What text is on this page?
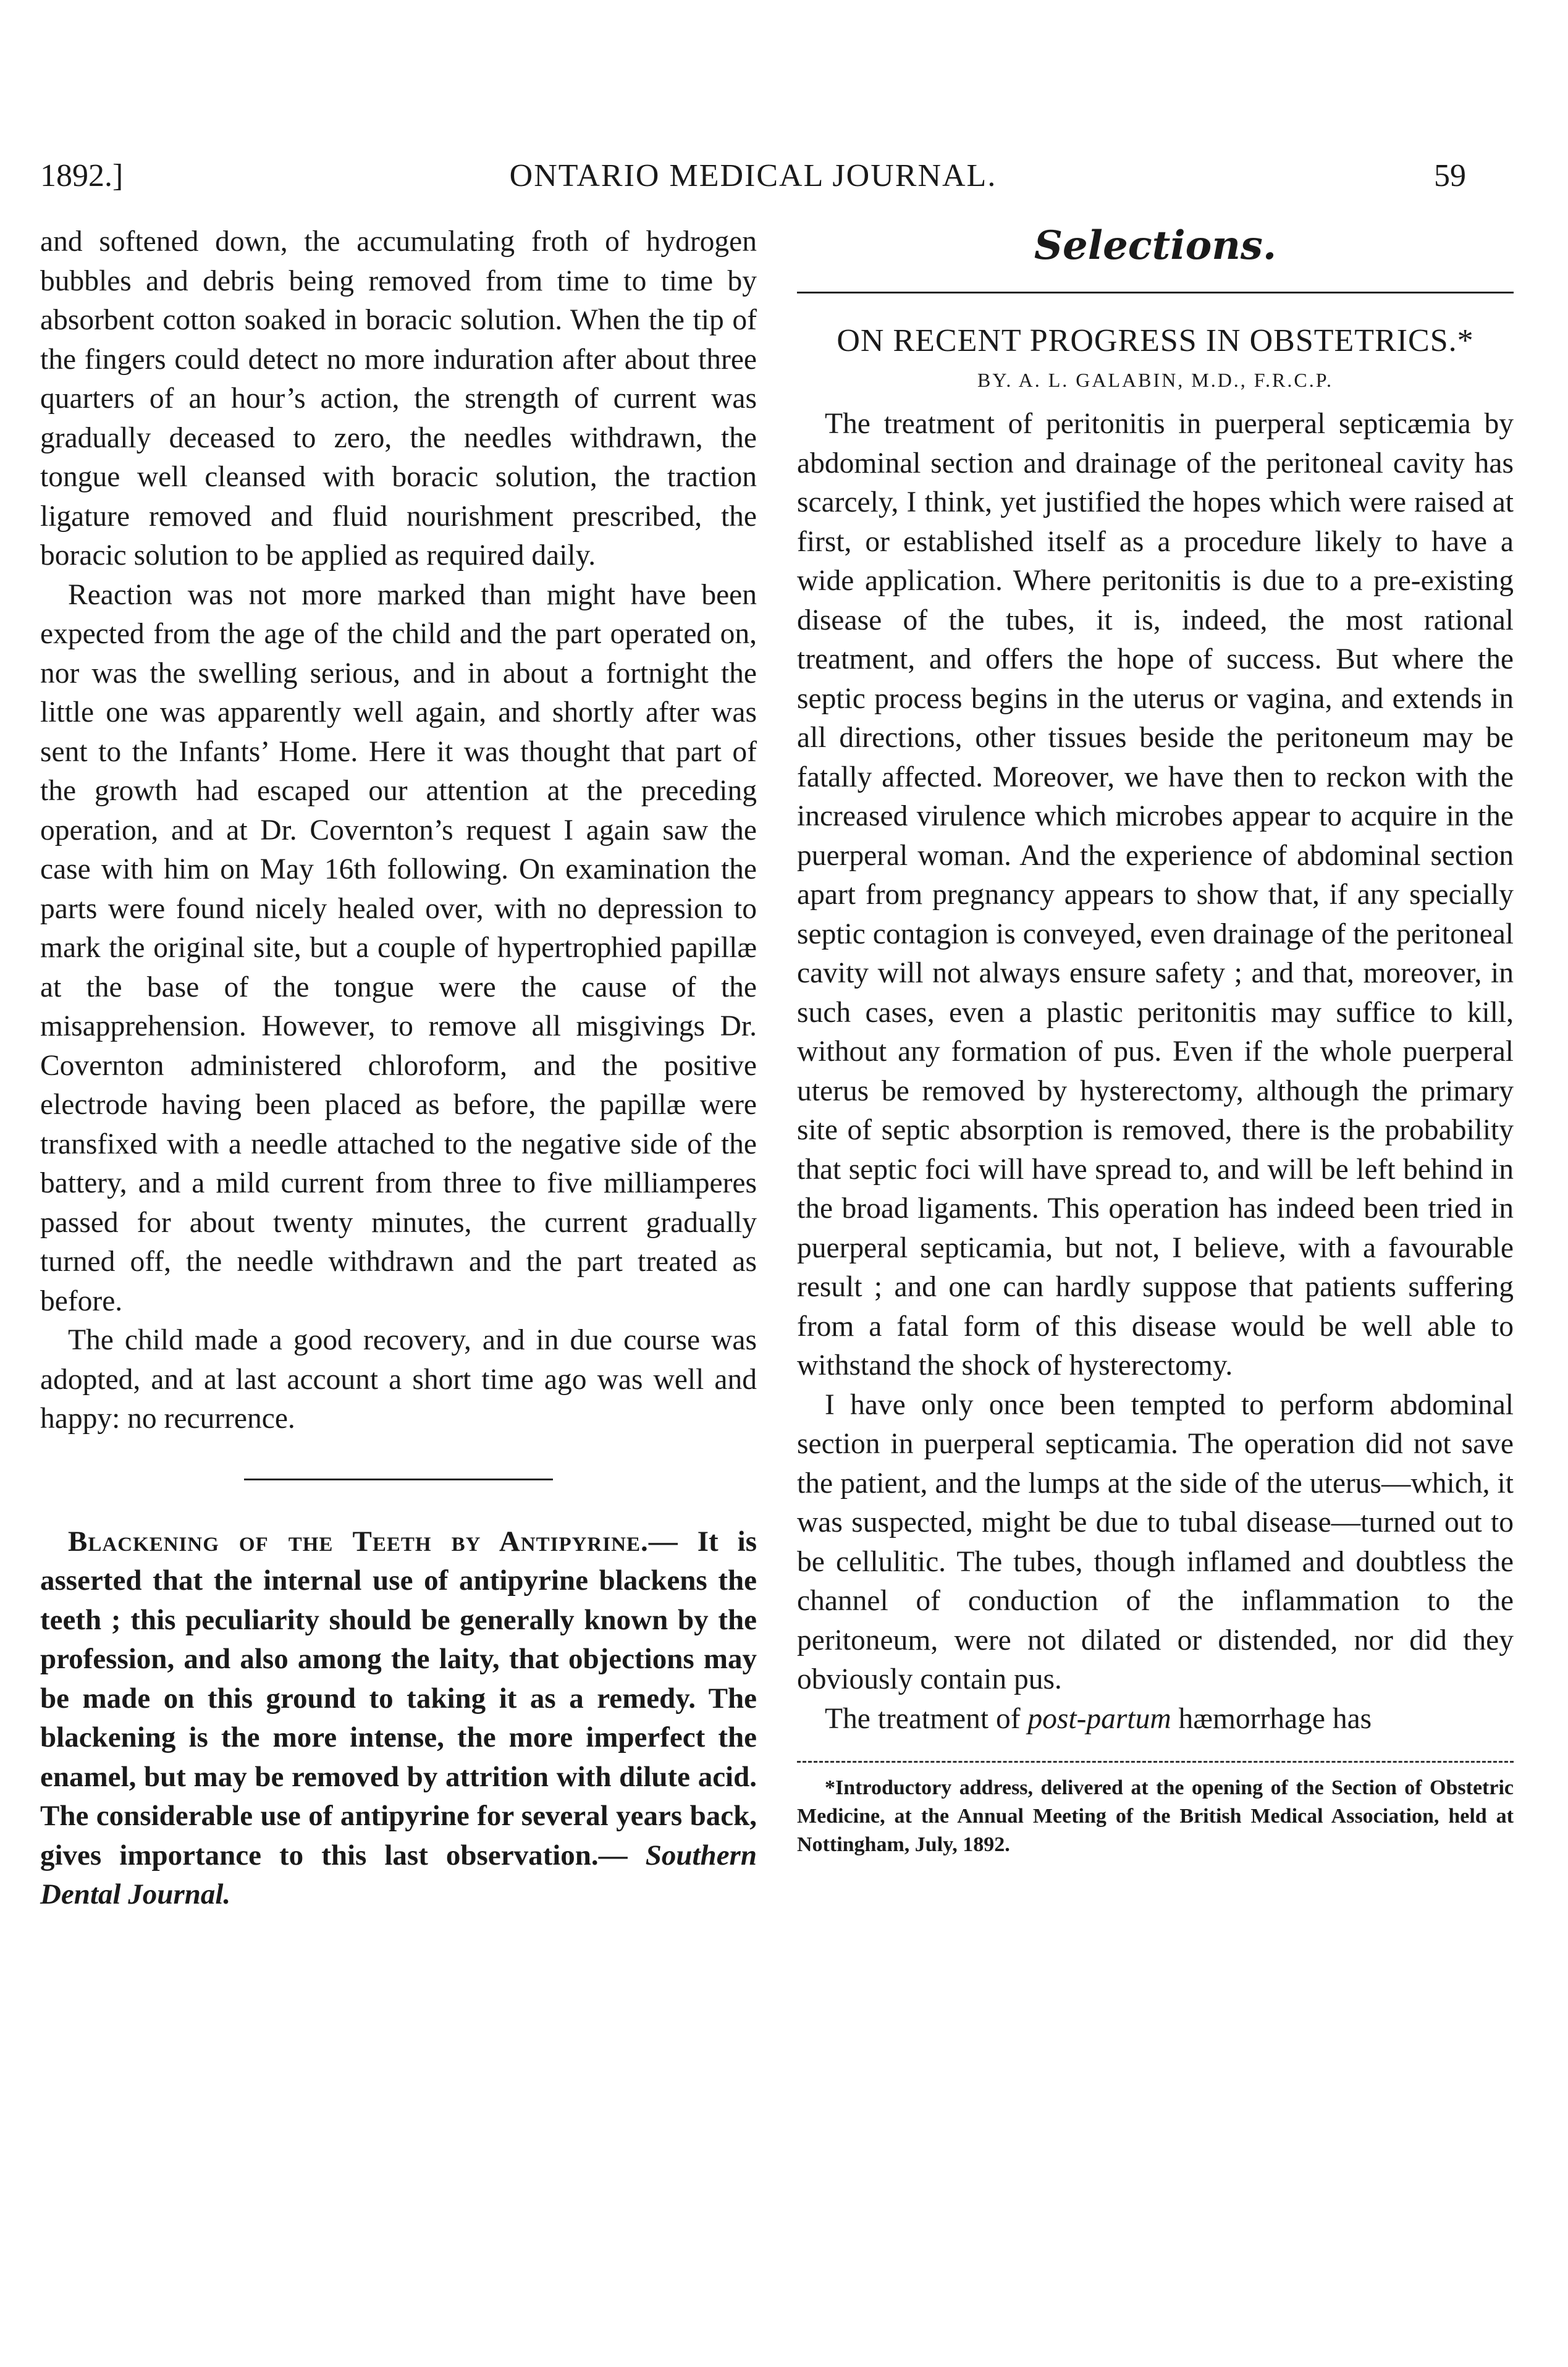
1892.]	ONTARIO MEDICAL JOURNAL.	59

and softened down, the accumulating froth of hydrogen bubbles and debris being removed from time to time by absorbent cotton soaked in boracic solution. When the tip of the fingers could detect no more induration after about three quarters of an hour’s action, the strength of current was gradually deceased to zero, the needles withdrawn, the tongue well cleansed with boracic solution, the traction ligature removed and fluid nourishment prescribed, the boracic solution to be applied as required daily.

Reaction was not more marked than might have been expected from the age of the child and the part operated on, nor was the swelling serious, and in about a fortnight the little one was apparently well again, and shortly after was sent to the Infants’ Home. Here it was thought that part of the growth had escaped our attention at the preceding operation, and at Dr. Covernton’s request I again saw the case with him on May 16th following. On examination the parts were found nicely healed over, with no depression to mark the original site, but a couple of hypertrophied papillæ at the base of the tongue were the cause of the misapprehension. However, to remove all misgivings Dr. Covernton administered chloroform, and the positive electrode having been placed as before, the papillæ were transfixed with a needle attached to the negative side of the battery, and a mild current from three to five milliamperes passed for about twenty minutes, the current gradually turned off, the needle withdrawn and the part treated as before.

The child made a good recovery, and in due course was adopted, and at last account a short time ago was well and happy: no recurrence.

Blackening of the Teeth by Antipyrine.— It is asserted that the internal use of antipyrine blackens the teeth ; this peculiarity should be generally known by the profession, and also among the laity, that objections may be made on this ground to taking it as a remedy. The blackening is the more intense, the more imperfect the enamel, but may be removed by attrition with dilute acid. The considerable use of antipyrine for several years back, gives importance to this last observation.— Southern Dental Journal.

Selections.
ON RECENT PROGRESS IN OBSTETRICS.*
BY. A. L. GALABIN, M.D., F.R.C.P.

The treatment of peritonitis in puerperal septicæmia by abdominal section and drainage of the peritoneal cavity has scarcely, I think, yet justified the hopes which were raised at first, or established itself as a procedure likely to have a wide application. Where peritonitis is due to a pre-existing disease of the tubes, it is, indeed, the most rational treatment, and offers the hope of success. But where the septic process begins in the uterus or vagina, and extends in all directions, other tissues beside the peritoneum may be fatally affected. Moreover, we have then to reckon with the increased virulence which microbes appear to acquire in the puerperal woman. And the experience of abdominal section apart from pregnancy appears to show that, if any specially septic contagion is conveyed, even drainage of the peritoneal cavity will not always ensure safety ; and that, moreover, in such cases, even a plastic peritonitis may suffice to kill, without any formation of pus. Even if the whole puerperal uterus be removed by hysterectomy, although the primary site of septic absorption is removed, there is the probability that septic foci will have spread to, and will be left behind in the broad ligaments. This operation has indeed been tried in puerperal septicamia, but not, I believe, with a favourable result ; and one can hardly suppose that patients suffering from a fatal form of this disease would be well able to withstand the shock of hysterectomy.

I have only once been tempted to perform abdominal section in puerperal septicamia. The operation did not save the patient, and the lumps at the side of the uterus—which, it was suspected, might be due to tubal disease—turned out to be cellulitic. The tubes, though inflamed and doubtless the channel of conduction of the inflammation to the peritoneum, were not dilated or distended, nor did they obviously contain pus.

The treatment of post-partum hæmorrhage has

*Introductory address, delivered at the opening of the Section of Obstetric Medicine, at the Annual Meeting of the British Medical Association, held at Nottingham, July, 1892.
